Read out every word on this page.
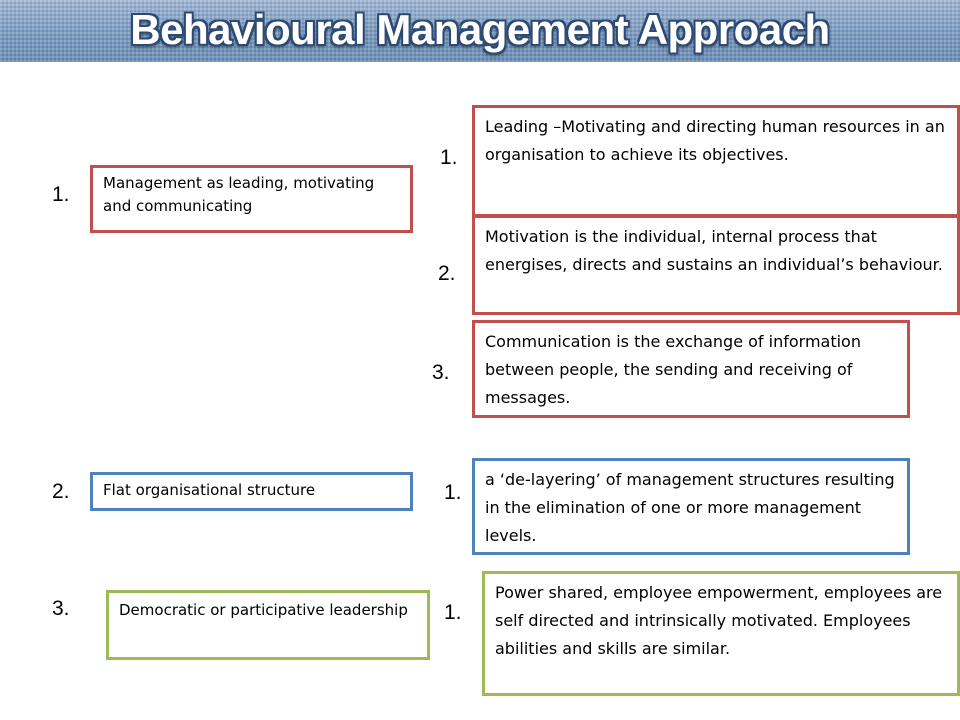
Behavioural Management Approach
1.	Management as leading, motivating and communicating
1.
Leading –Motivating and directing human resources in an organisation to achieve its objectives.
2.
Motivation is the individual, internal process that energises, directs and sustains an individual’s behaviour.
3.
Communication is the exchange of information between people, the sending and receiving of messages.
2.	Flat organisational structure	1.
a ‘de-layering’ of management structures resulting in the elimination of one or more management levels.
3.	Democratic or participative leadership	1.
Power shared, employee empowerment, employees are self directed and intrinsically motivated. Employees abilities and skills are similar.
